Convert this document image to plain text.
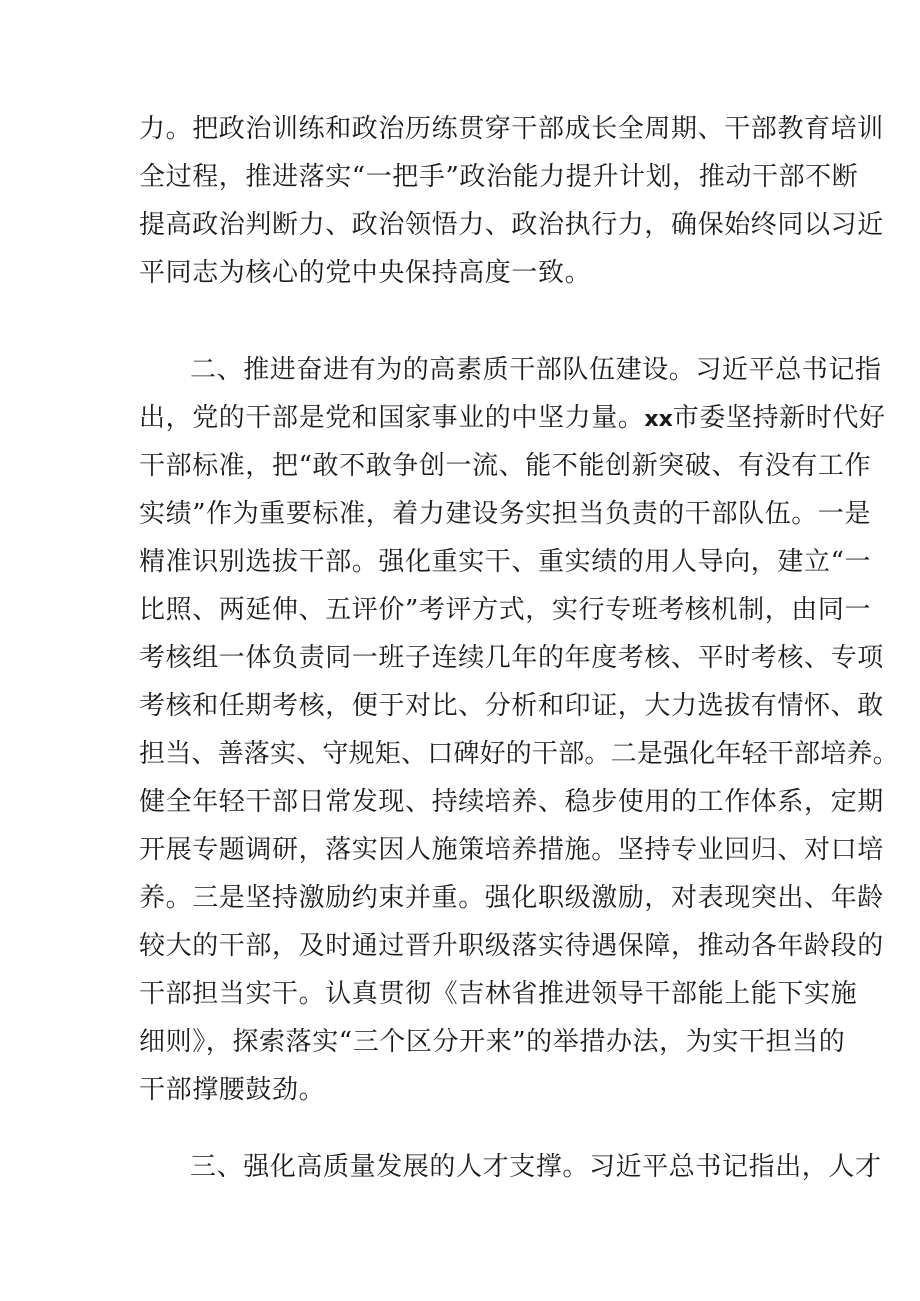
力。把政治训练和政治历练贯穿干部成长全周期、干部教育培训
全过程，推进落实“一把手”政治能力提升计划，推动干部不断
提高政治判断力、政治领悟力、政治执行力，确保始终同以习近
平同志为核心的党中央保持高度一致。
二、推进奋进有为的高素质干部队伍建设。习近平总书记指
出，党的干部是党和国家事业的中坚力量。xx市委坚持新时代好
干部标准，把“敢不敢争创一流、能不能创新突破、有没有工作
实绩”作为重要标准，着力建设务实担当负责的干部队伍。一是
精准识别选拔干部。强化重实干、重实绩的用人导向，建立“一
比照、两延伸、五评价”考评方式，实行专班考核机制，由同一
考核组一体负责同一班子连续几年的年度考核、平时考核、专项
考核和任期考核，便于对比、分析和印证，大力选拔有情怀、敢
担当、善落实、守规矩、口碑好的干部。二是强化年轻干部培养。
健全年轻干部日常发现、持续培养、稳步使用的工作体系，定期
开展专题调研，落实因人施策培养措施。坚持专业回归、对口培
养。三是坚持激励约束并重。强化职级激励，对表现突出、年龄
较大的干部，及时通过晋升职级落实待遇保障，推动各年龄段的
干部担当实干。认真贯彻《吉林省推进领导干部能上能下实施
细则》，探索落实“三个区分开来”的举措办法，为实干担当的
干部撑腰鼓劲。
三、强化高质量发展的人才支撑。习近平总书记指出，人才
